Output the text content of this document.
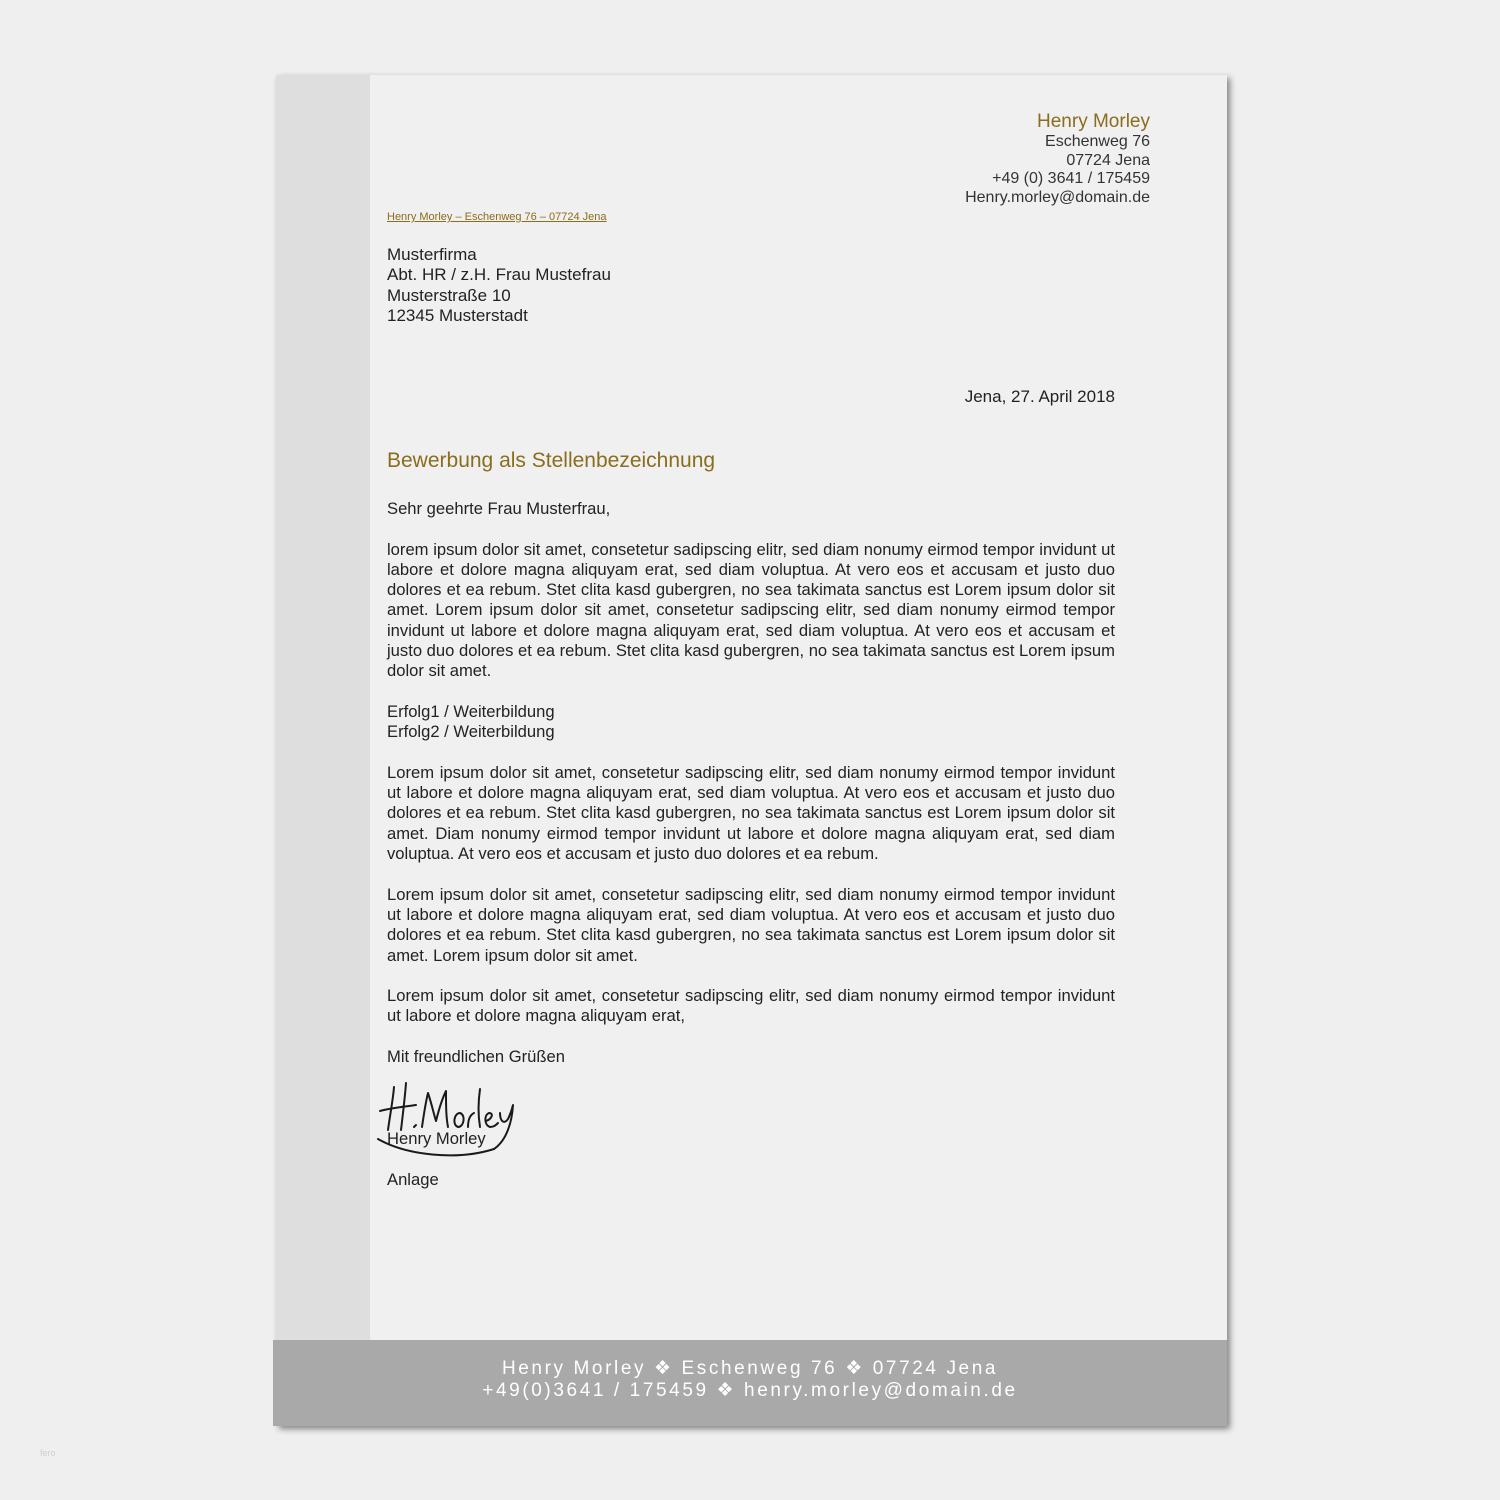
Henry Morley
Eschenweg 76
07724 Jena
+49 (0) 3641 / 175459
Henry.morley@domain.de
Henry Morley – Eschenweg 76 – 07724 Jena
Musterfirma
Abt. HR / z.H. Frau Mustefrau
Musterstraße 10
12345 Musterstadt
Jena, 27. April 2018
Bewerbung als Stellenbezeichnung

Sehr geehrte Frau Musterfrau,

lorem ipsum dolor sit amet, consetetur sadipscing elitr, sed diam nonumy eirmod tempor invidunt ut labore et dolore magna aliquyam erat, sed diam voluptua. At vero eos et accusam et justo duo dolores et ea rebum. Stet clita kasd gubergren, no sea takimata sanctus est Lorem ipsum dolor sit amet. Lorem ipsum dolor sit amet, consetetur sadipscing elitr, sed diam nonumy eirmod tempor invidunt ut labore et dolore magna aliquyam erat, sed diam voluptua. At vero eos et accusam et justo duo dolores et ea rebum. Stet clita kasd gubergren, no sea takimata sanctus est Lorem ipsum dolor sit amet.

Erfolg1 / Weiterbildung
Erfolg2 / Weiterbildung

Lorem ipsum dolor sit amet, consetetur sadipscing elitr, sed diam nonumy eirmod tempor invidunt ut labore et dolore magna aliquyam erat, sed diam voluptua. At vero eos et accusam et justo duo dolores et ea rebum. Stet clita kasd gubergren, no sea takimata sanctus est Lorem ipsum dolor sit amet. Diam nonumy eirmod tempor invidunt ut labore et dolore magna aliquyam erat, sed diam voluptua. At vero eos et accusam et justo duo dolores et ea rebum.

Lorem ipsum dolor sit amet, consetetur sadipscing elitr, sed diam nonumy eirmod tempor invidunt ut labore et dolore magna aliquyam erat, sed diam voluptua. At vero eos et accusam et justo duo dolores et ea rebum. Stet clita kasd gubergren, no sea takimata sanctus est Lorem ipsum dolor sit amet. Lorem ipsum dolor sit amet.

Lorem ipsum dolor sit amet, consetetur sadipscing elitr, sed diam nonumy eirmod tempor invidunt ut labore et dolore magna aliquyam erat,

Mit freundlichen Grüßen

Henry Morley
Anlage
Henry Morley ❖ Eschenweg 76 ❖ 07724 Jena
+49(0)3641 / 175459 ❖ henry.morley@domain.de
fero
